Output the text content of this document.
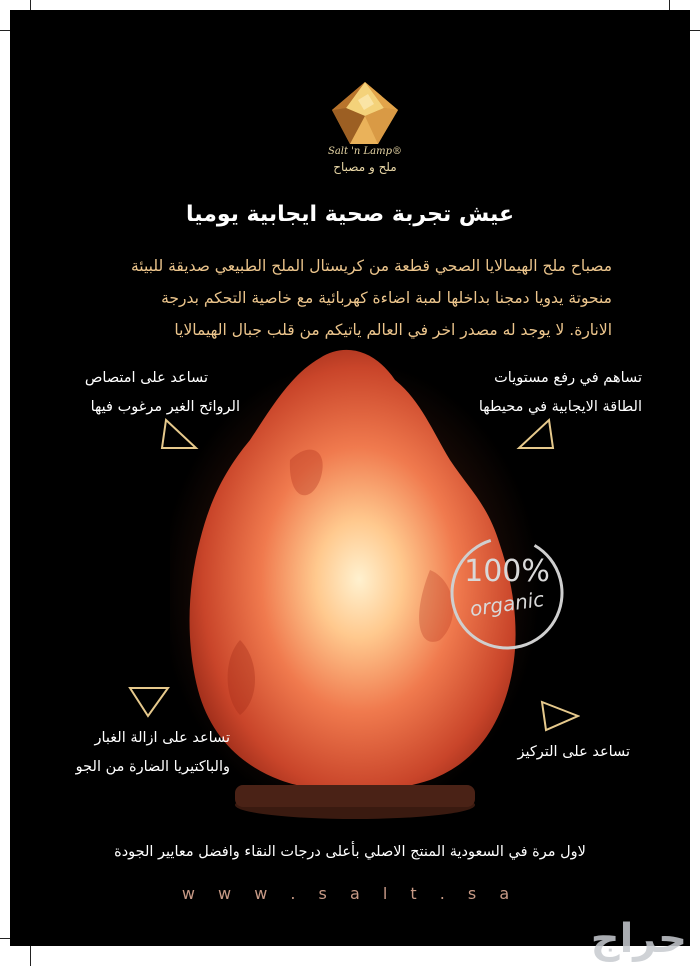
Salt 'n Lamp®
ملح و مصباح
عيش تجربة صحية ايجابية يوميا
مصباح ملح الهيمالايا الصحي قطعة من كريستال الملح الطبيعي صديقة للبيئة
منحوتة يدويا دمجنا بداخلها لمبة اضاءة كهربائية مع خاصية التحكم بدرجة
الانارة. لا يوجد له مصدر اخر في العالم ياتيكم من قلب جبال الهيمالايا
100%
organic
تساعد على امتصاص
الروائح الغير مرغوب فيها
تساهم في رفع مستويات
الطاقة الايجابية في محيطها
تساعد على ازالة الغبار
والباكتيريا الضارة من الجو
تساعد على التركيز
لاول مرة في السعودية المنتج الاصلي بأعلى درجات النقاء وافضل معايير الجودة
w w w . s a l t . s a
حراج
